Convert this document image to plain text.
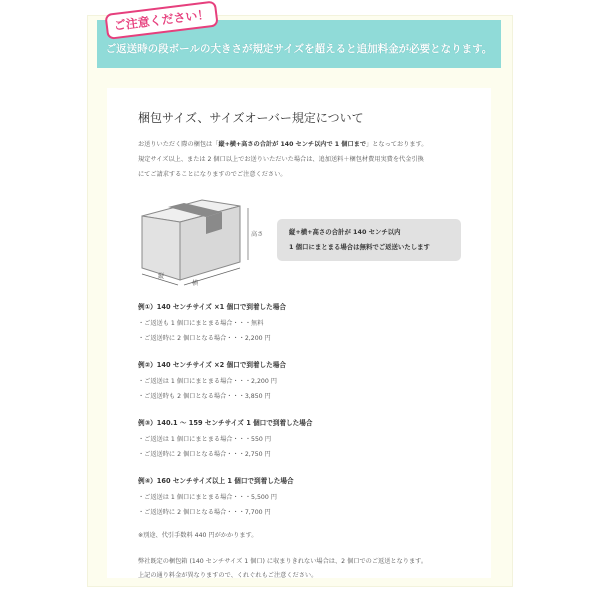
ご注意ください！
ご返送時の段ボールの大きさが規定サイズを超えると追加料金が必要となります。
梱包サイズ、サイズオーバー規定について
お送りいただく際の梱包は「縦+横+高さの合計が 140 センチ以内で 1 個口まで」となっております。
規定サイズ以上、または 2 個口以上でお送りいただいた場合は、追加送料＋梱包材費用実費を代金引換
にてご請求することになりますのでご注意ください。
高さ
縦
横
縦+横+高さの合計が 140 センチ以内
1 個口にまとまる場合は無料でご返送いたします
例①）140 センチサイズ ×1 個口で到着した場合
・ご返送も 1 個口にまとまる場合・・・無料
・ご返送時に 2 個口となる場合・・・2,200 円
例②）140 センチサイズ ×2 個口で到着した場合
・ご返送は 1 個口にまとまる場合・・・2,200 円
・ご返送時も 2 個口となる場合・・・3,850 円
例③）140.1 ～ 159 センチサイズ 1 個口で到着した場合
・ご返送は 1 個口にまとまる場合・・・550 円
・ご返送時に 2 個口となる場合・・・2,750 円
例④）160 センチサイズ以上 1 個口で到着した場合
・ご返送は 1 個口にまとまる場合・・・5,500 円
・ご返送時に 2 個口となる場合・・・7,700 円
※別途、代引手数料 440 円がかかります。
弊社既定の梱包箱 (140 センチサイズ 1 個口) に収まりきれない場合は、2 個口でのご返送となります。
上記の通り料金が異なりますので、くれぐれもご注意ください。
